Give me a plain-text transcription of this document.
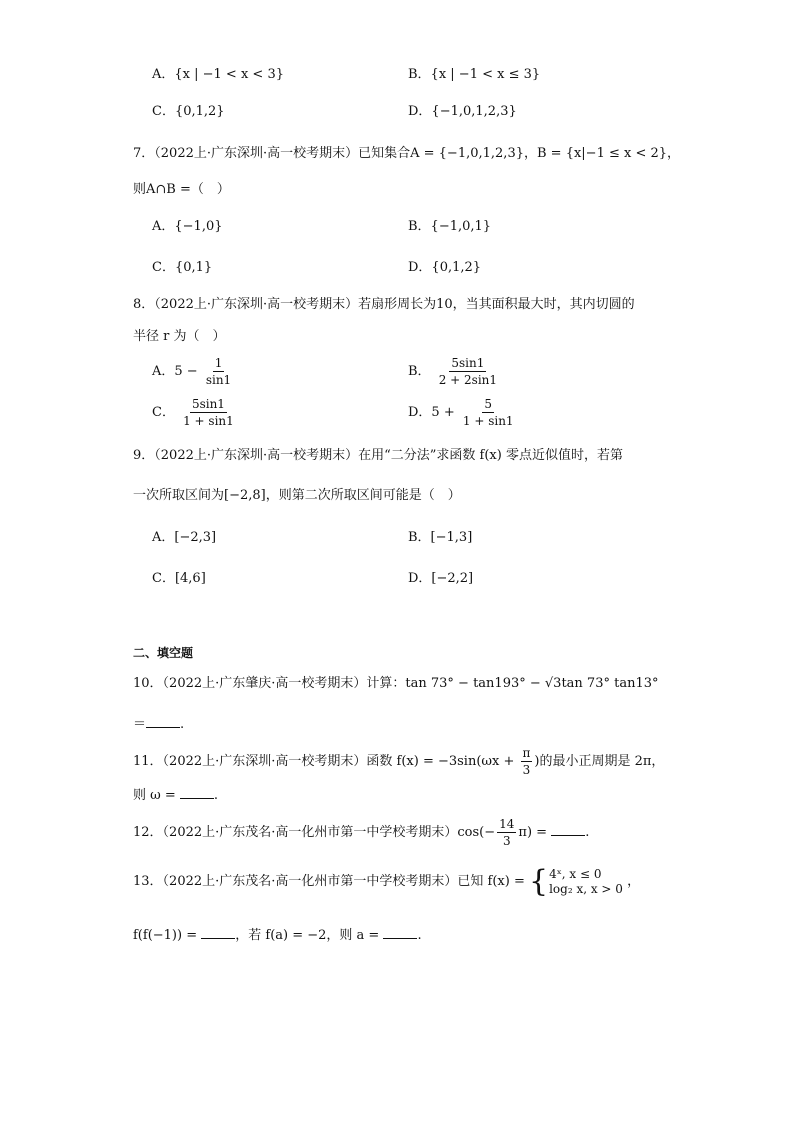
A．{x | −1 < x < 3}	B．{x | −1 < x ≤ 3}
C．{0,1,2}	D．{−1,0,1,2,3}
7．（2022上·广东深圳·高一校考期末）已知集合A = {−1,0,1,2,3}，B = {x|−1 ≤ x < 2}，
则A∩B =（　）
A．{−1,0}	B．{−1,0,1}
C．{0,1}	D．{0,1,2}
8．（2022上·广东深圳·高一校考期末）若扇形周长为10，当其面积最大时，其内切圆的
半径 r 为（　）
A．$5 - \frac{1}{\sin 1}$	B． $\frac{5\sin 1}{2 + 2\sin 1}$
C． $\frac{5\sin 1}{1 + \sin 1}$	D．$5 + \frac{5}{1 + \sin 1}$
9．（2022上·广东深圳·高一校考期末）在用“二分法”求函数 f(x) 零点近似值时，若第
一次所取区间为[−2,8]，则第二次所取区间可能是（　）
A．[−2,3]	B．[−1,3]
C．[4,6]	D．[−2,2]
二、填空题
10．（2022上·广东肇庆·高一校考期末）计算：tan 73° − tan193° − √3tan 73° tan13°
＝	.
11．（2022上·广东深圳·高一校考期末）函数 $f(x) = -3\sin(\omega x + \frac{\pi}{3}$ )的最小正周期是 2π，
则 ω =	.
12．（2022上·广东茂名·高一化州市第一中学校考期末）$\cos(- \frac{14}{3} \pi)$ =	.
13．（2022上·广东茂名·高一化州市第一中学校考期末）已知 f(x) = { 4ˣ, x ≤ 0
log₂ x, x > 0 ，
f(f(−1)) =	，若 f(a) = −2，则 a =	.
